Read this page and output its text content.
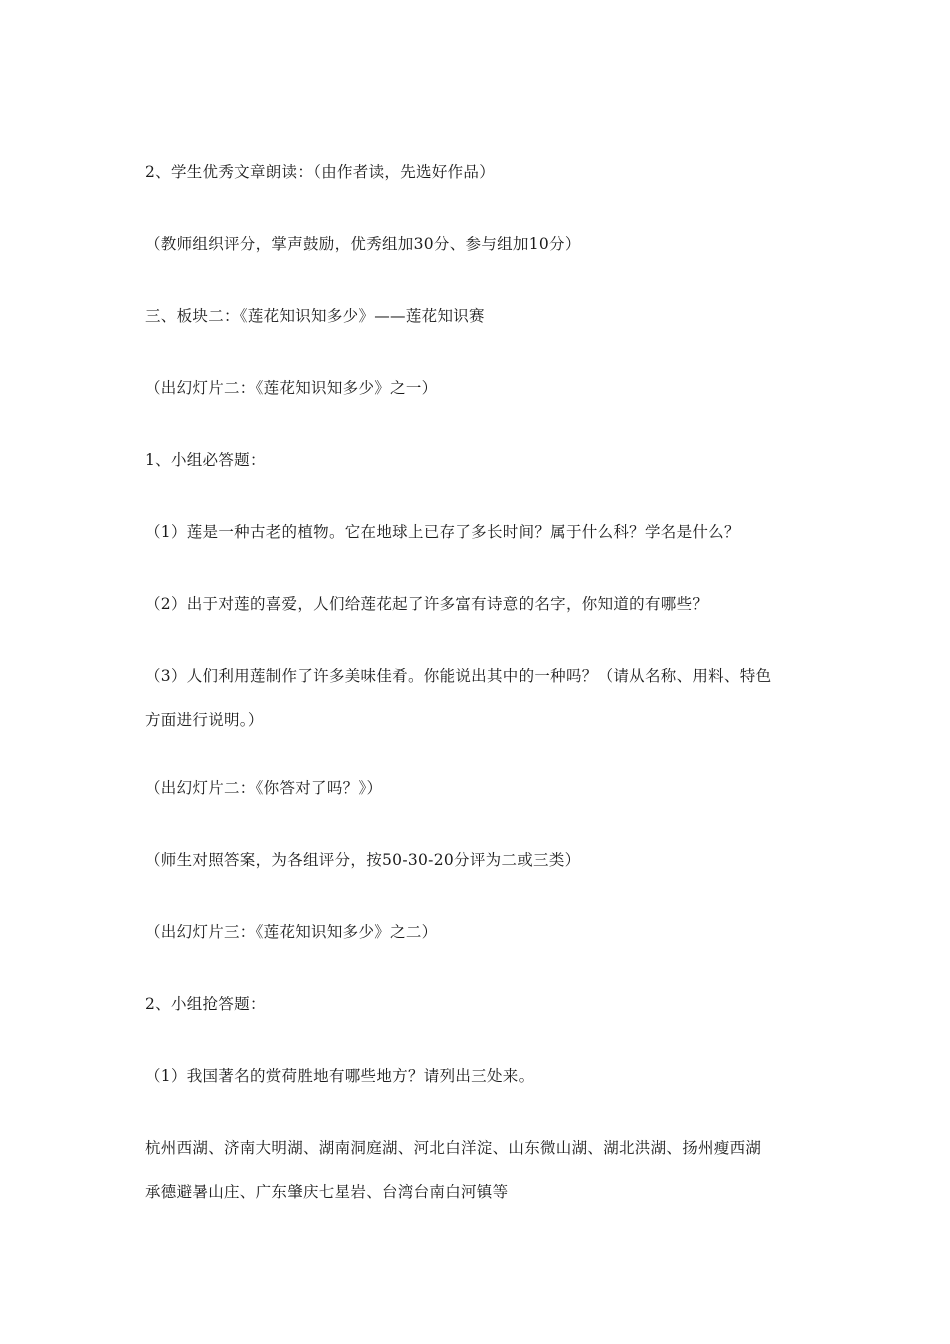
2、学生优秀文章朗读：（由作者读，先选好作品）
（教师组织评分，掌声鼓励，优秀组加30分、参与组加10分）
三、板块二：《莲花知识知多少》——莲花知识赛
（出幻灯片二：《莲花知识知多少》之一）
1、小组必答题：
（1）莲是一种古老的植物。它在地球上已存了多长时间？属于什么科？学名是什么？
（2）出于对莲的喜爱，人们给莲花起了许多富有诗意的名字，你知道的有哪些？
（3）人们利用莲制作了许多美味佳肴。你能说出其中的一种吗？（请从名称、用料、特色
方面进行说明。）
（出幻灯片二：《你答对了吗？》）
（师生对照答案，为各组评分，按50-30-20分评为二或三类）
（出幻灯片三：《莲花知识知多少》之二）
2、小组抢答题：
（1）我国著名的赏荷胜地有哪些地方？请列出三处来。
杭州西湖、济南大明湖、湖南洞庭湖、河北白洋淀、山东微山湖、湖北洪湖、扬州瘦西湖
承德避暑山庄、广东肇庆七星岩、台湾台南白河镇等
